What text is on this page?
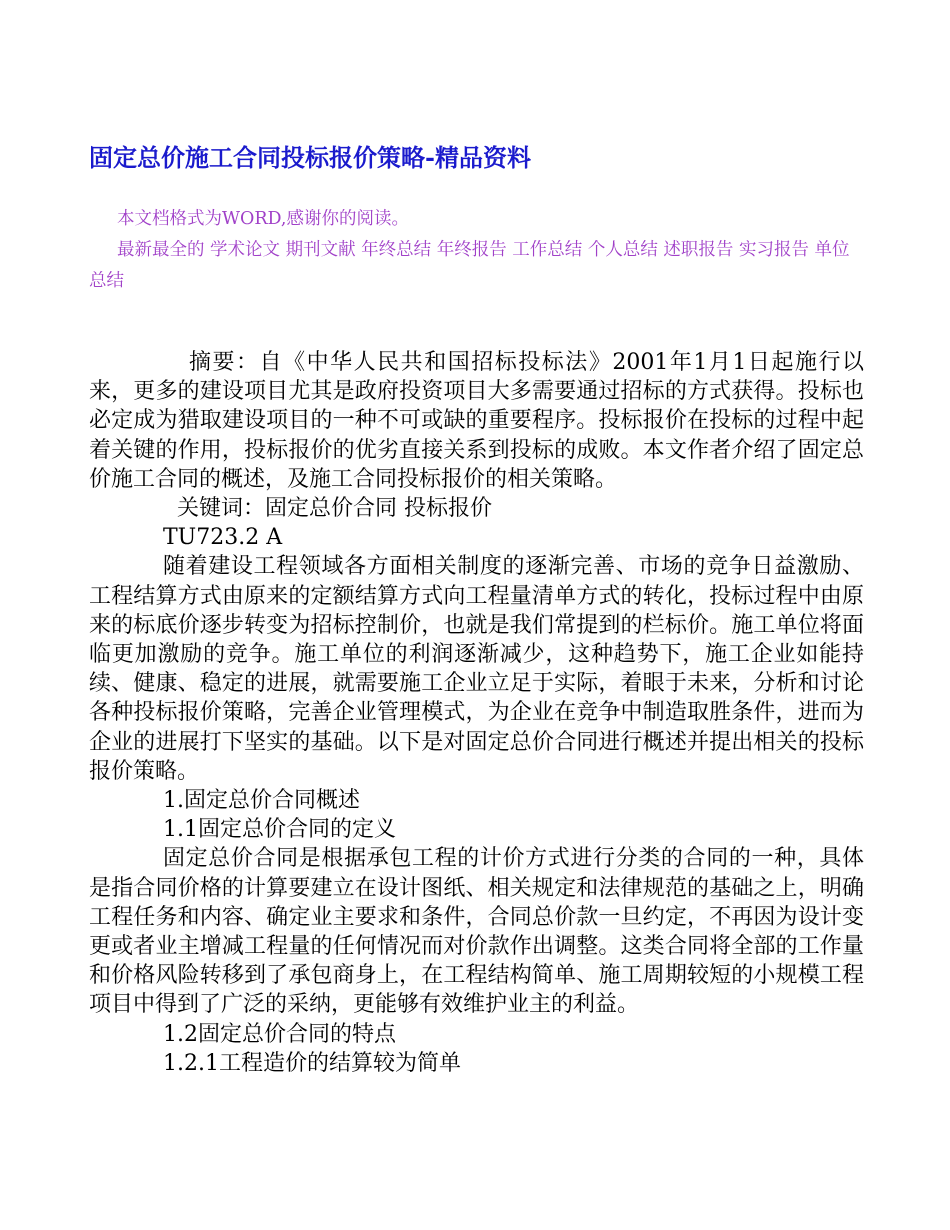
固定总价施工合同投标报价策略-精品资料

本文档格式为WORD,感谢你的阅读。

最新最全的 学术论文 期刊文献 年终总结 年终报告 工作总结 个人总结 述职报告 实习报告 单位总结

摘要：自《中华人民共和国招标投标法》2001年1月1日起施行以来，更多的建设项目尤其是政府投资项目大多需要通过招标的方式获得。投标也必定成为猎取建设项目的一种不可或缺的重要程序。投标报价在投标的过程中起着关键的作用，投标报价的优劣直接关系到投标的成败。本文作者介绍了固定总价施工合同的概述，及施工合同投标报价的相关策略。

关键词：固定总价合同 投标报价

TU723.2 A

随着建设工程领域各方面相关制度的逐渐完善、市场的竞争日益激励、工程结算方式由原来的定额结算方式向工程量清单方式的转化，投标过程中由原来的标底价逐步转变为招标控制价，也就是我们常提到的栏标价。施工单位将面临更加激励的竞争。施工单位的利润逐渐减少，这种趋势下，施工企业如能持续、健康、稳定的进展，就需要施工企业立足于实际，着眼于未来，分析和讨论各种投标报价策略，完善企业管理模式，为企业在竞争中制造取胜条件，进而为企业的进展打下坚实的基础。以下是对固定总价合同进行概述并提出相关的投标报价策略。

1.固定总价合同概述

1.1固定总价合同的定义

固定总价合同是根据承包工程的计价方式进行分类的合同的一种，具体是指合同价格的计算要建立在设计图纸、相关规定和法律规范的基础之上，明确工程任务和内容、确定业主要求和条件，合同总价款一旦约定，不再因为设计变更或者业主增减工程量的任何情况而对价款作出调整。这类合同将全部的工作量和价格风险转移到了承包商身上，在工程结构简单、施工周期较短的小规模工程项目中得到了广泛的采纳，更能够有效维护业主的利益。

1.2固定总价合同的特点

1.2.1工程造价的结算较为简单
